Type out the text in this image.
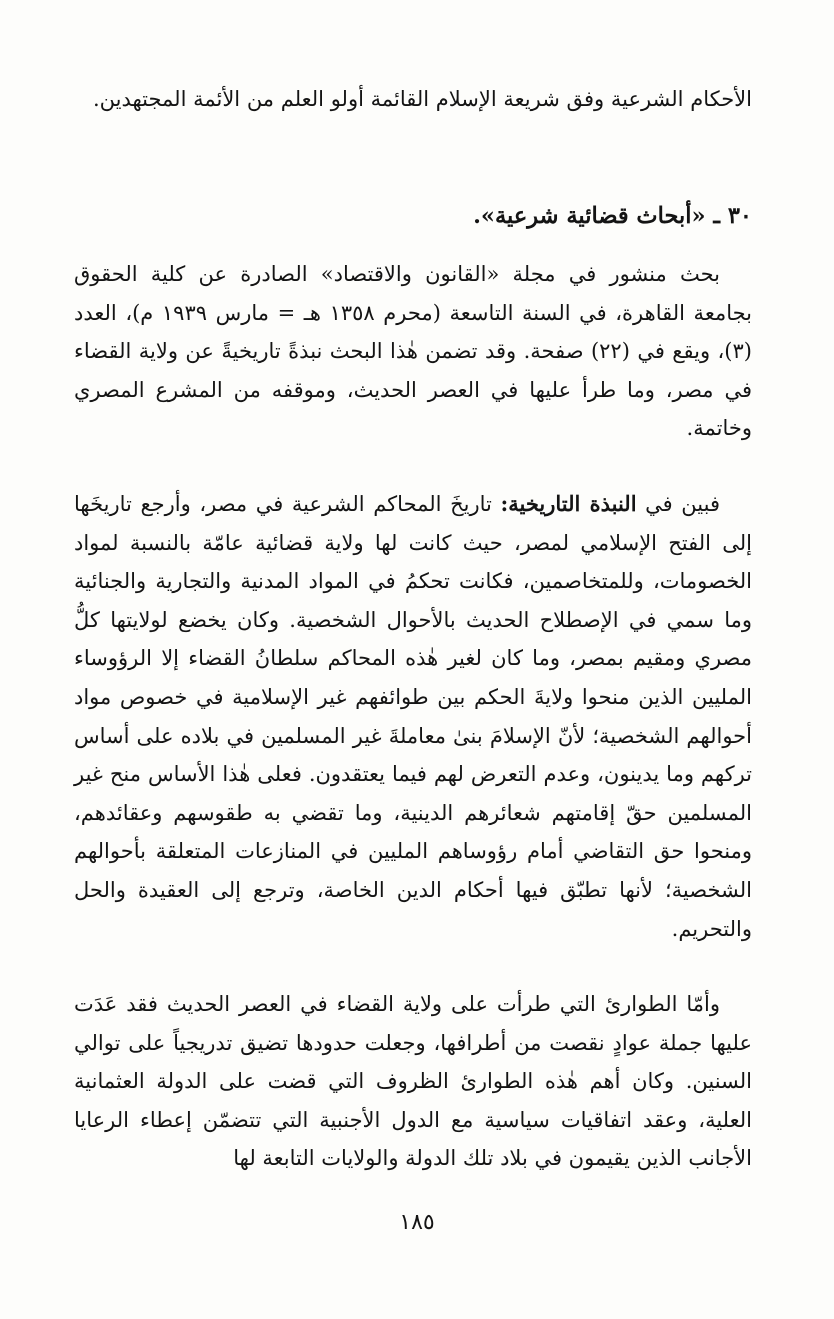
الأحكام الشرعية وفق شريعة الإسلام القائمة أولو العلم من الأئمة المجتهدين.

٣٠ ـ «أبحاث قضائية شرعية».

بحث منشور في مجلة «القانون والاقتصاد» الصادرة عن كلية الحقوق بجامعة القاهرة، في السنة التاسعة (محرم ١٣٥٨ هـ = مارس ١٩٣٩ م)، العدد (٣)، ويقع في (٢٢) صفحة. وقد تضمن هٰذا البحث نبذةً تاريخيةً عن ولاية القضاء في مصر، وما طرأ عليها في العصر الحديث، وموقفه من المشرع المصري وخاتمة.

فبين في النبذة التاريخية: تاريخَ المحاكم الشرعية في مصر، وأرجع تاريخَها إلى الفتح الإسلامي لمصر، حيث كانت لها ولاية قضائية عامّة بالنسبة لمواد الخصومات، وللمتخاصمين، فكانت تحكمُ في المواد المدنية والتجارية والجنائية وما سمي في الإصطلاح الحديث بالأحوال الشخصية. وكان يخضع لولايتها كلُّ مصري ومقيم بمصر، وما كان لغير هٰذه المحاكم سلطانُ القضاء إلا الرؤوساء المليين الذين منحوا ولايةَ الحكم بين طوائفهم غير الإسلامية في خصوص مواد أحوالهم الشخصية؛ لأنّ الإسلامَ بنىٰ معاملةَ غير المسلمين في بلاده على أساس تركهم وما يدينون، وعدم التعرض لهم فيما يعتقدون. فعلى هٰذا الأساس منح غير المسلمين حقّ إقامتهم شعائرهم الدينية، وما تقضي به طقوسهم وعقائدهم، ومنحوا حق التقاضي أمام رؤوساهم المليين في المنازعات المتعلقة بأحوالهم الشخصية؛ لأنها تطبّق فيها أحكام الدين الخاصة، وترجع إلى العقيدة والحل والتحريم.

وأمّا الطوارئ التي طرأت على ولاية القضاء في العصر الحديث فقد عَدَت عليها جملة عوادٍ نقصت من أطرافها، وجعلت حدودها تضيق تدريجياً على توالي السنين. وكان أهم هٰذه الطوارئ الظروف التي قضت على الدولة العثمانية العلية، وعقد اتفاقيات سياسية مع الدول الأجنبية التي تتضمّن إعطاء الرعايا الأجانب الذين يقيمون في بلاد تلك الدولة والولايات التابعة لها

١٨٥
